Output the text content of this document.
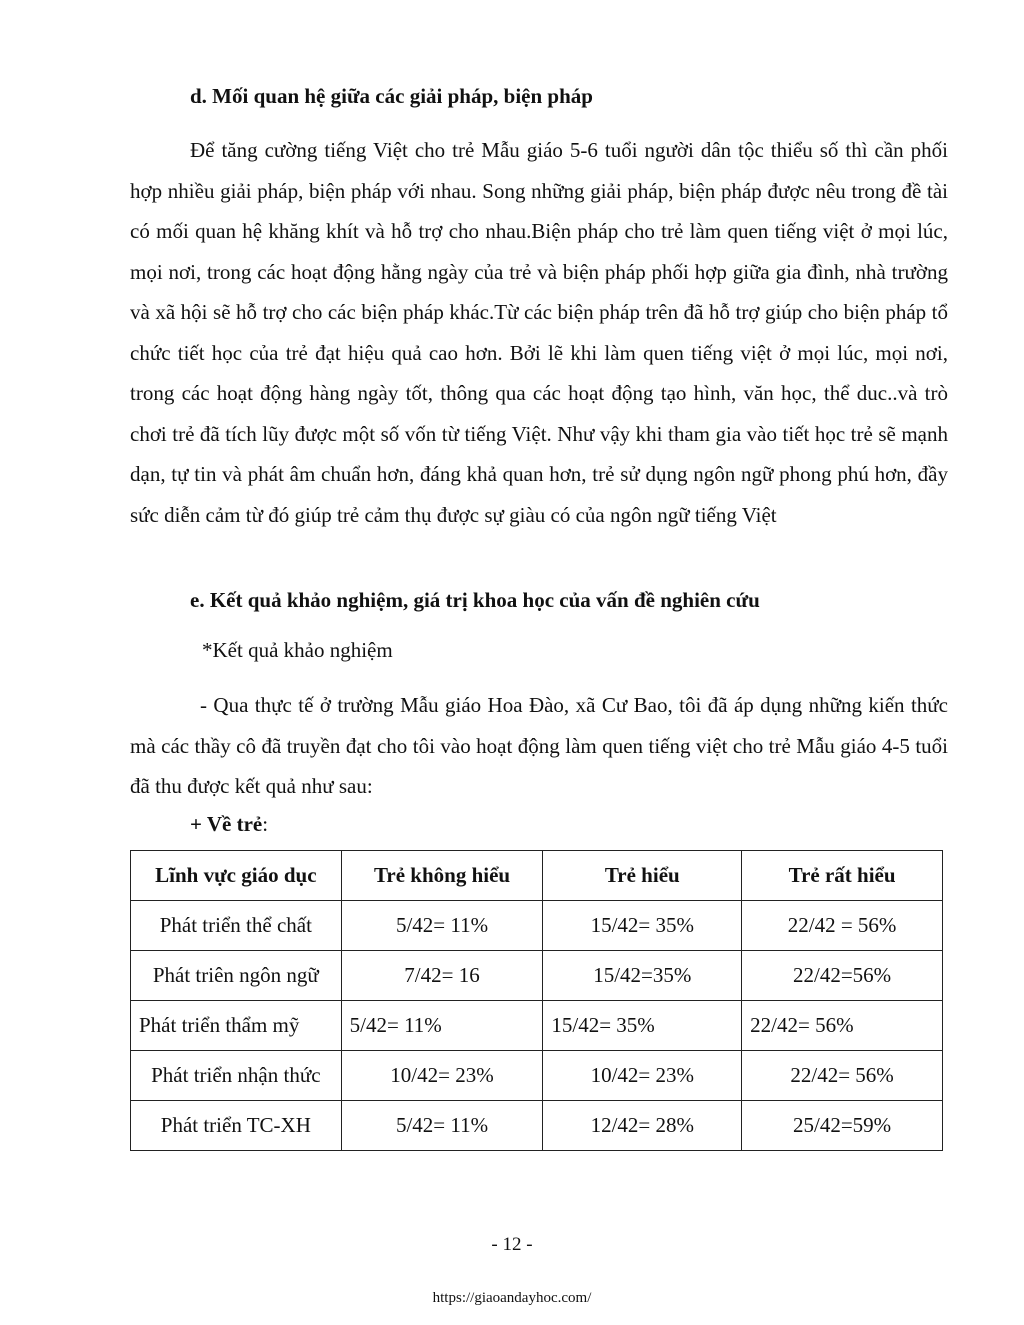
d. Mối quan hệ giữa các giải pháp, biện pháp

Để tăng cường tiếng Việt cho trẻ Mẫu giáo 5-6 tuổi người dân tộc thiểu số thì cần phối hợp nhiều giải pháp, biện pháp với nhau. Song những giải pháp, biện pháp được nêu trong đề tài có mối quan hệ khăng khít và hỗ trợ cho nhau.Biện pháp cho trẻ làm quen tiếng việt ở mọi lúc, mọi nơi, trong các hoạt động hằng ngày của trẻ và biện pháp phối hợp giữa gia đình, nhà trường và xã hội sẽ hỗ trợ cho các biện pháp khác.Từ các biện pháp trên đã hỗ trợ giúp cho biện pháp tổ chức tiết học của trẻ đạt hiệu quả cao hơn. Bởi lẽ khi làm quen tiếng việt ở mọi lúc, mọi nơi, trong các hoạt động hàng ngày tốt, thông qua các hoạt động tạo hình, văn học, thể duc..và trò chơi trẻ đã tích lũy được một số vốn từ tiếng Việt. Như vậy khi tham gia vào tiết học trẻ sẽ mạnh dạn, tự tin và phát âm chuẩn hơn, đáng khả quan hơn, trẻ sử dụng ngôn ngữ phong phú hơn, đầy sức diễn cảm từ đó giúp trẻ cảm thụ được sự giàu có của ngôn ngữ tiếng Việt

e. Kết quả khảo nghiệm, giá trị khoa học của vấn đề nghiên cứu
*Kết quả khảo nghiệm

- Qua thực tế ở trường Mẫu giáo Hoa Đào, xã Cư Bao, tôi đã áp dụng những kiến thức mà các thầy cô đã truyền đạt cho tôi vào hoạt động làm quen tiếng việt cho trẻ Mẫu giáo 4-5 tuổi đã thu được kết quả như sau:

+ Về trẻ:
Lĩnh vực giáo dục	Trẻ không hiểu	Trẻ hiểu	Trẻ rất hiểu
Phát triển thể chất	5/42= 11%	15/42= 35%	22/42 = 56%
Phát triên ngôn ngữ	7/42= 16	15/42=35%	22/42=56%
Phát triển thẩm mỹ	5/42= 11%	15/42= 35%	22/42= 56%
Phát triển nhận thức	10/42= 23%	10/42= 23%	22/42= 56%
Phát triển TC-XH	5/42= 11%	12/42= 28%	25/42=59%
- 12 -
https://giaoandayhoc.com/
